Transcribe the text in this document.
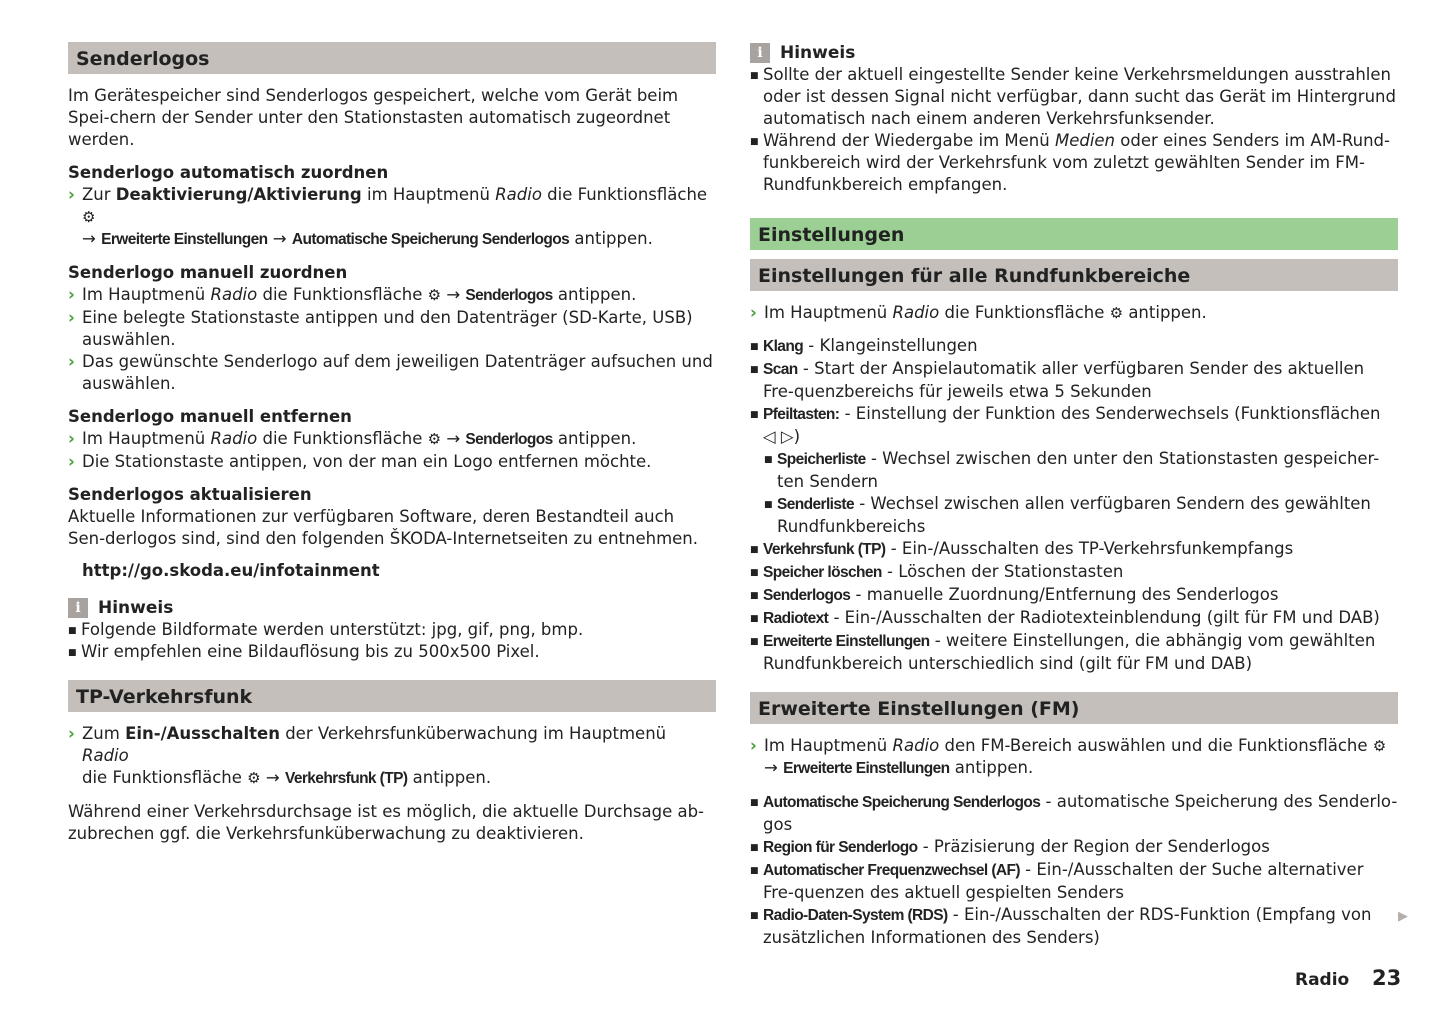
Senderlogos

Im Gerätespeicher sind Senderlogos gespeichert, welche vom Gerät beim Spei-chern der Sender unter den Stationstasten automatisch zugeordnet werden.

Senderlogo automatisch zuordnen
› Zur Deaktivierung/Aktivierung im Hauptmenü Radio die Funktionsfläche ⚙
→ Erweiterte Einstellungen → Automatische Speicherung Senderlogos antippen.
Senderlogo manuell zuordnen
› Im Hauptmenü Radio die Funktionsfläche ⚙ → Senderlogos antippen.
› Eine belegte Stationstaste antippen und den Datenträger (SD-Karte, USB) auswählen.
› Das gewünschte Senderlogo auf dem jeweiligen Datenträger aufsuchen und auswählen.
Senderlogo manuell entfernen
› Im Hauptmenü Radio die Funktionsfläche ⚙ → Senderlogos antippen.
› Die Stationstaste antippen, von der man ein Logo entfernen möchte.
Senderlogos aktualisieren

Aktuelle Informationen zur verfügbaren Software, deren Bestandteil auch Sen-derlogos sind, sind den folgenden ŠKODA-Internetseiten zu entnehmen.

http://go.skoda.eu/infotainment

i	Hinweis
■ Folgende Bildformate werden unterstützt: jpg, gif, png, bmp.
■ Wir empfehlen eine Bildauflösung bis zu 500x500 Pixel.
TP-Verkehrsfunk
› Zum Ein-/Ausschalten der Verkehrsfunküberwachung im Hauptmenü Radio
die Funktionsfläche ⚙ → Verkehrsfunk (TP) antippen.

Während einer Verkehrsdurchsage ist es möglich, die aktuelle Durchsage ab-zubrechen ggf. die Verkehrsfunküberwachung zu deaktivieren.

i	Hinweis
■ Sollte der aktuell eingestellte Sender keine Verkehrsmeldungen ausstrahlen oder ist dessen Signal nicht verfügbar, dann sucht das Gerät im Hintergrund automatisch nach einem anderen Verkehrsfunksender.
■ Während der Wiedergabe im Menü Medien oder eines Senders im AM-Rund-funkbereich wird der Verkehrsfunk vom zuletzt gewählten Sender im FM-Rundfunkbereich empfangen.
Einstellungen
Einstellungen für alle Rundfunkbereiche
› Im Hauptmenü Radio die Funktionsfläche ⚙ antippen.
■ Klang - Klangeinstellungen
■ Scan - Start der Anspielautomatik aller verfügbaren Sender des aktuellen Fre-quenzbereichs für jeweils etwa 5 Sekunden
■ Pfeiltasten: - Einstellung der Funktion des Senderwechsels (Funktionsflächen ◁ ▷)
■ Speicherliste - Wechsel zwischen den unter den Stationstasten gespeicher-ten Sendern
■ Senderliste - Wechsel zwischen allen verfügbaren Sendern des gewählten Rundfunkbereichs
■ Verkehrsfunk (TP) - Ein-/Ausschalten des TP-Verkehrsfunkempfangs
■ Speicher löschen - Löschen der Stationstasten
■ Senderlogos - manuelle Zuordnung/Entfernung des Senderlogos
■ Radiotext - Ein-/Ausschalten der Radiotexteinblendung (gilt für FM und DAB)
■ Erweiterte Einstellungen - weitere Einstellungen, die abhängig vom gewählten Rundfunkbereich unterschiedlich sind (gilt für FM und DAB)
Erweiterte Einstellungen (FM)
› Im Hauptmenü Radio den FM-Bereich auswählen und die Funktionsfläche ⚙
→ Erweiterte Einstellungen antippen.
■ Automatische Speicherung Senderlogos - automatische Speicherung des Senderlo-gos
■ Region für Senderlogo - Präzisierung der Region der Senderlogos
■ Automatischer Frequenzwechsel (AF) - Ein-/Ausschalten der Suche alternativer Fre-quenzen des aktuell gespielten Senders
■ Radio-Daten-System (RDS) - Ein-/Ausschalten der RDS-Funktion (Empfang von zusätzlichen Informationen des Senders)
▶
Radio 23
